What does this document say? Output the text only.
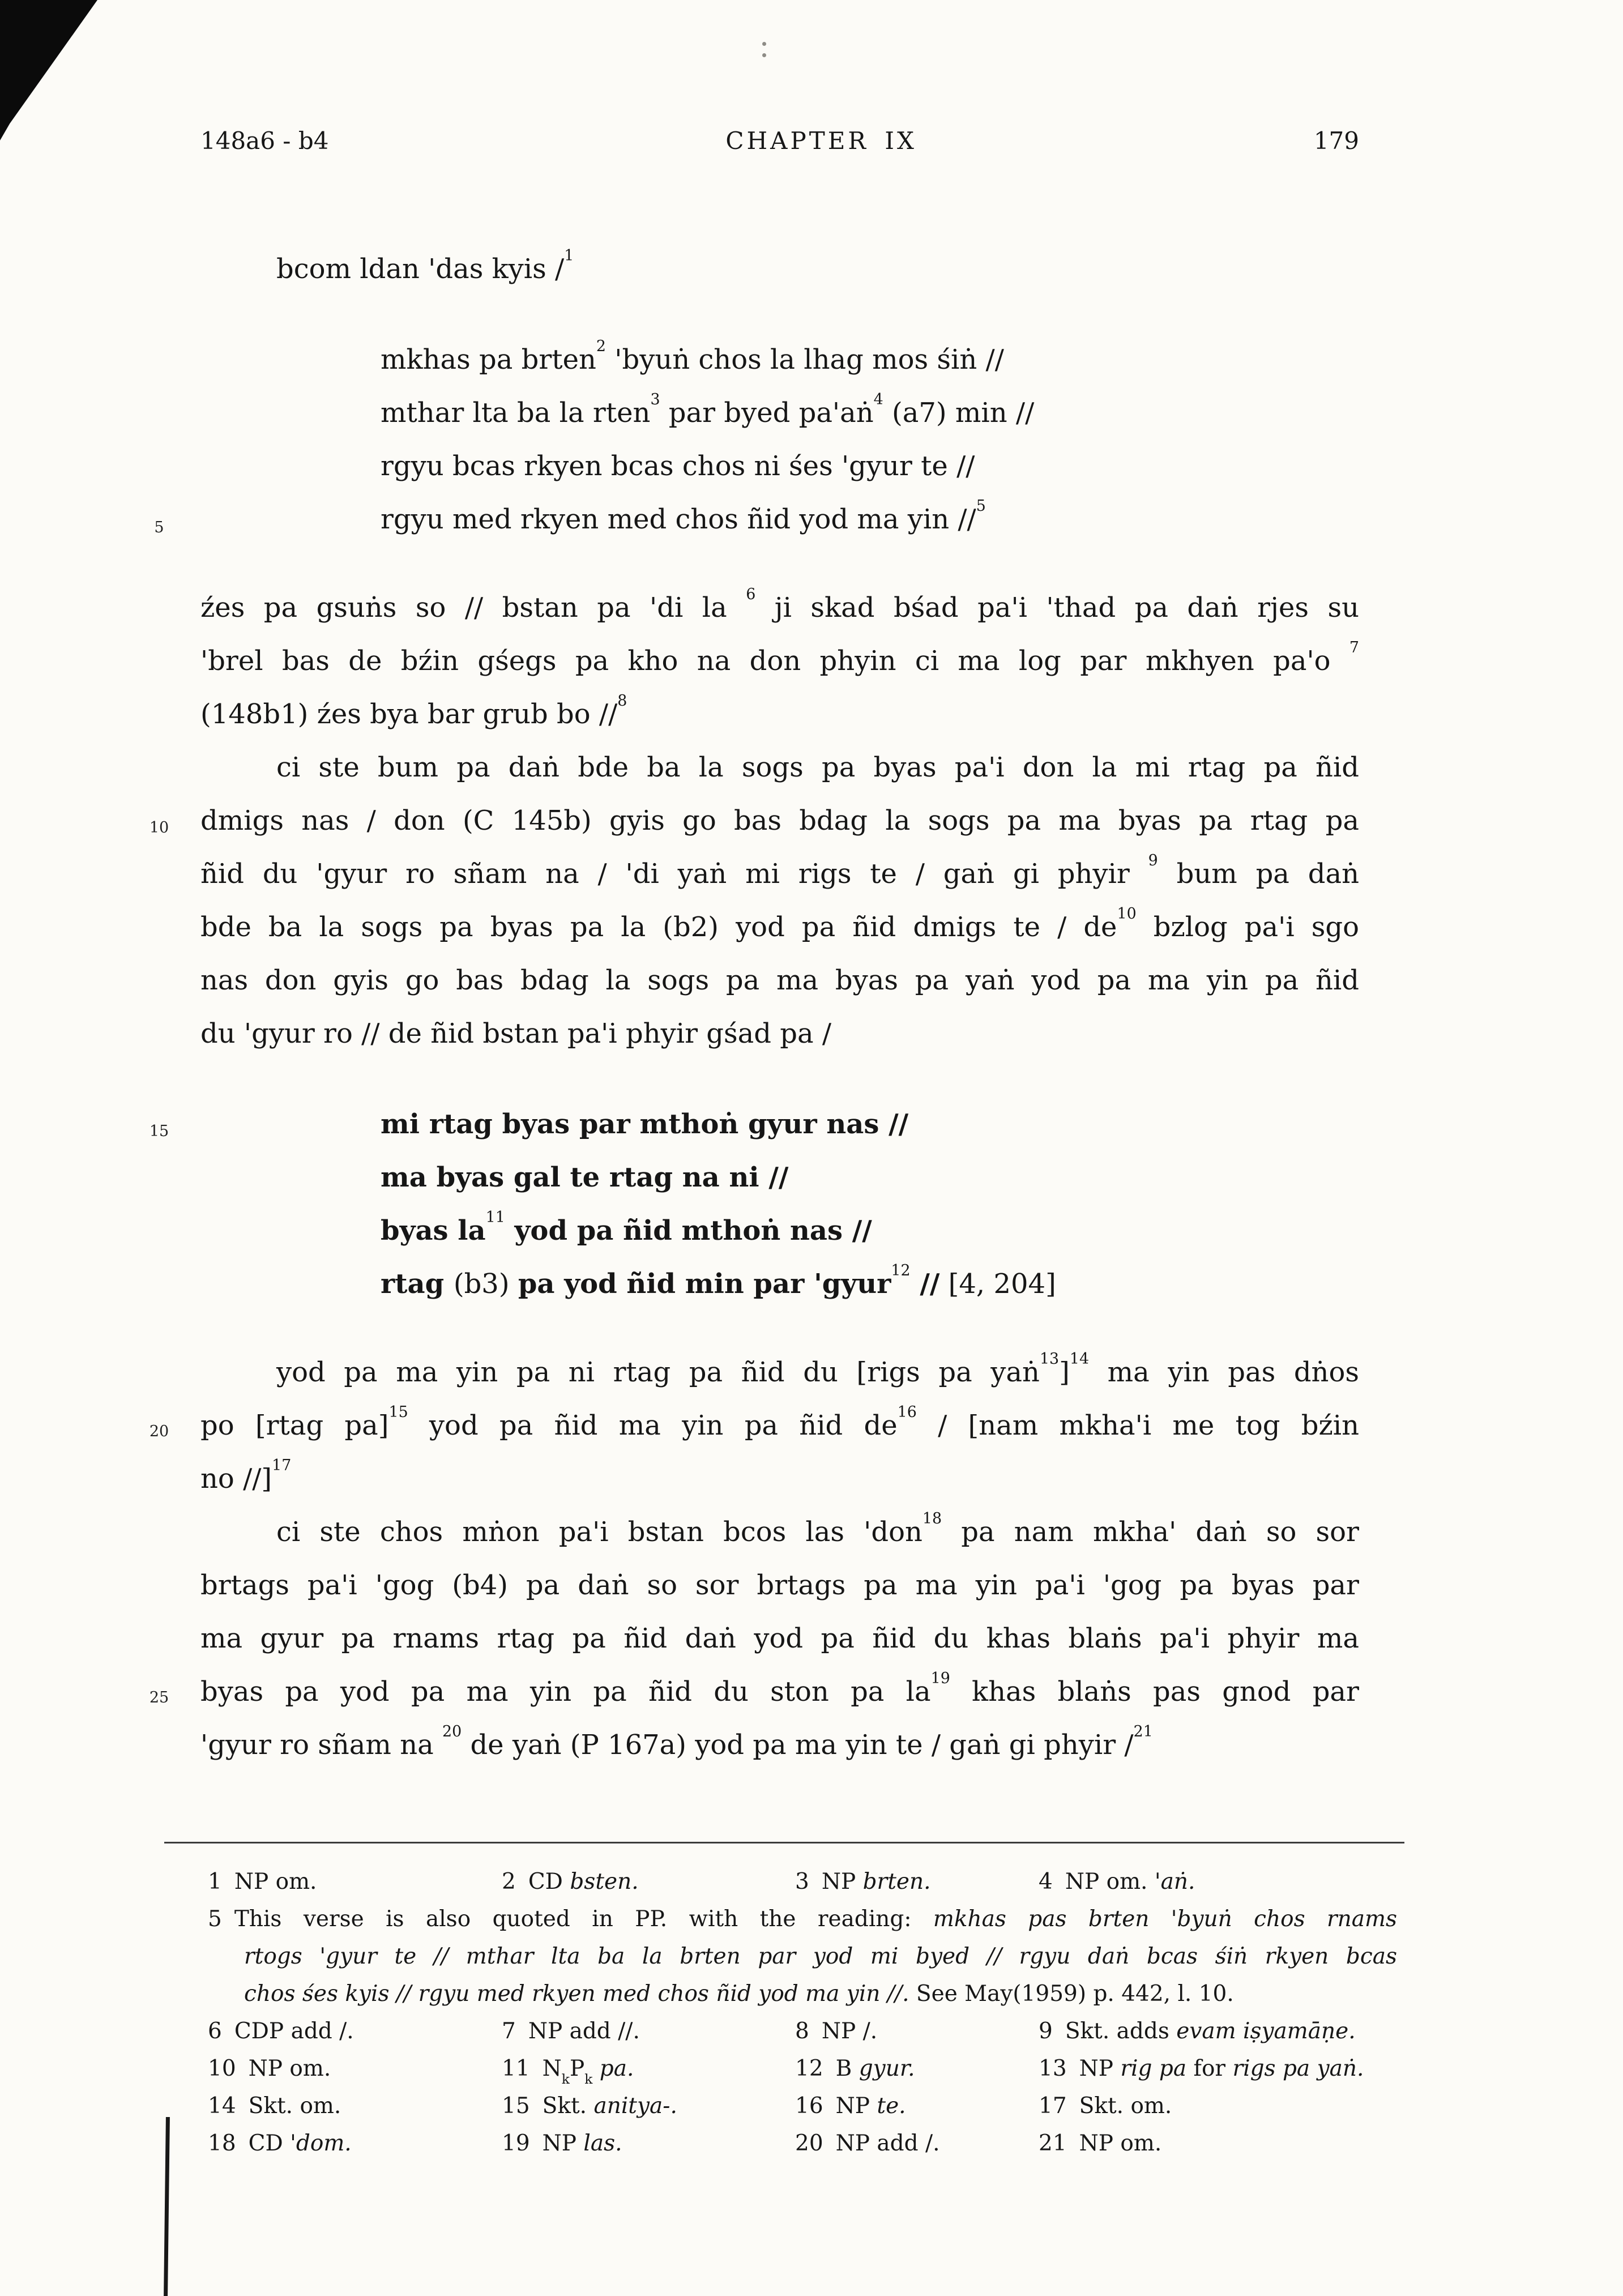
148a6 - b4	CHAPTER IX	179
5
10
15
20
25
bcom ldan 'das kyis /$^1$
mkhas pa brten$^2$ 'byuṅ chos la lhag mos śiṅ //
mthar lta ba la rten$^3$ par byed pa'aṅ$^4$ (a7) min //
rgyu bcas rkyen bcas chos ni śes 'gyur te //
rgyu med rkyen med chos ñid yod ma yin //$^5$
źes pa gsuṅs so // bstan pa 'di la $^6$ ji skad bśad pa'i 'thad pa daṅ rjes su
'brel bas de bźin gśegs pa kho na don phyin ci ma log par mkhyen pa'o $^7$
(148b1) źes bya bar grub bo //$^8$
ci ste bum pa daṅ bde ba la sogs pa byas pa'i don la mi rtag pa ñid
dmigs nas / don (C 145b) gyis go bas bdag la sogs pa ma byas pa rtag pa
ñid du 'gyur ro sñam na / 'di yaṅ mi rigs te / gaṅ gi phyir $^9$ bum pa daṅ
bde ba la sogs pa byas pa la (b2) yod pa ñid dmigs te / $de^{10}$ bzlog pa'i sgo
nas don gyis go bas bdag la sogs pa ma byas pa yaṅ yod pa ma yin pa ñid
du 'gyur ro // de ñid bstan pa'i phyir gśad pa /
mi rtag byas par mthoṅ gyur nas //
ma byas gal te rtag na ni //
byas $la^{11}$ yod pa ñid mthoṅ nas //
rtag (b3) pa yod ñid min par 'gyur$^{12}$ // [4, 204]
yod pa ma yin pa ni rtag pa ñid du [rigs pa yaṅ$^{13}$]$^{14}$ ma yin pas dṅos
po [rtag pa]$^{15}$ yod pa ñid ma yin pa ñid $de^{16} / [nam$ mkha'i me tog bźin
no //]$^{17}$
ci ste chos mṅon pa'i bstan bcos las 'don$^{18}$ pa nam mkha' daṅ so sor
brtags pa'i 'gog (b4) pa daṅ so sor brtags pa ma yin pa'i 'gog pa byas par
ma gyur pa rnams rtag pa ñid daṅ yod pa ñid du khas blaṅs pa'i phyir ma
byas pa yod pa ma yin pa ñid du ston pa $la^{19}$ khas blaṅs pas gnod par
'gyur ro sñam na $^{20}$ de yaṅ (P 167a) yod pa ma yin te / gaṅ gi phyir /$^{21}$
1 NP om.	2 CD bsten.	3 NP brten.	4 NP om. 'aṅ.
5 This verse is also quoted in PP. with the reading: mkhas pas brten 'byuṅ chos rnams
rtogs 'gyur te // mthar lta ba la brten par yod mi byed // rgyu daṅ bcas śiṅ rkyen bcas
chos śes kyis // rgyu med rkyen med chos ñid yod ma yin //. See May(1959) p. 442, l. 10.
6 CDP add /.	7 NP add //.	8 NP /.	9 Skt. adds evam iṣyamāṇe.
10 NP om.	11 $N_kP_k$ pa.	12 B gyur.	13 NP rig pa for rigs pa yaṅ.
14 Skt. om.	15 Skt. anitya-.	16 NP te.	17 Skt. om.
18 CD 'dom.	19 NP las.	20 NP add /.	21 NP om.
